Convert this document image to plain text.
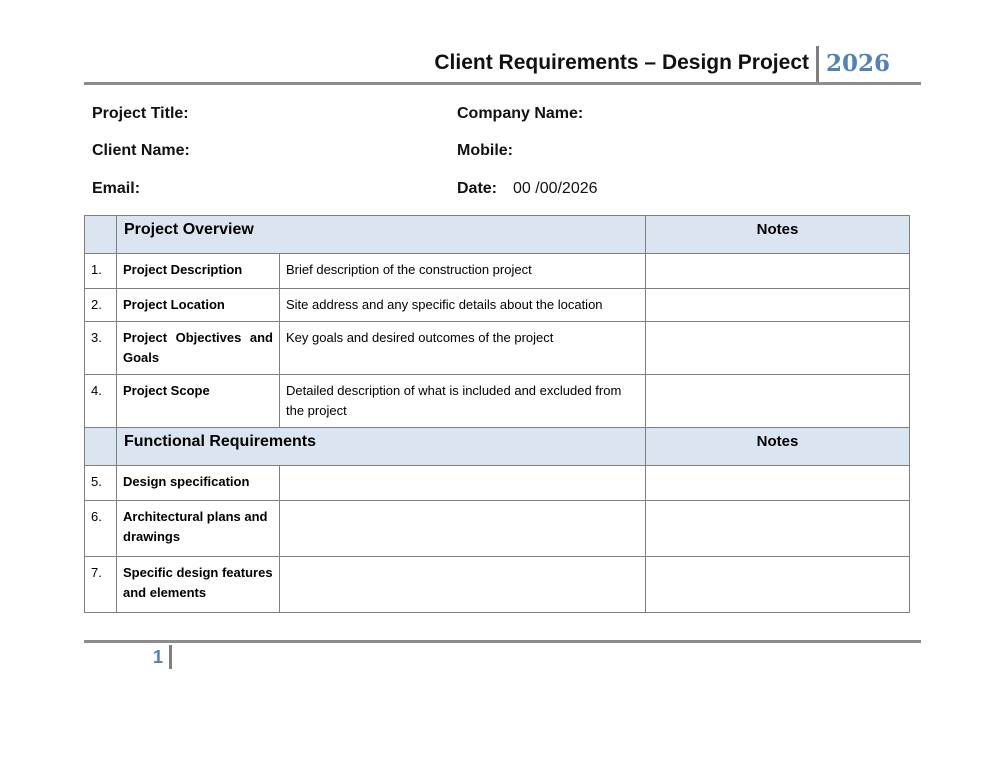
Client Requirements – Design Project 2026
Project Title:	Company Name:
Client Name:	Mobile:
Email:	Date: 00 /00/2026
	Project Overview		Notes
1.	Project Description	Brief description of the construction project	
2.	Project Location	Site address and any specific details about the location	
3.	Project Objectives and Goals	Key goals and desired outcomes of the project	
4.	Project Scope	Detailed description of what is included and excluded from the project	
	Functional Requirements		Notes
5.	Design specification		
6.	Architectural plans and drawings		
7.	Specific design features and elements		
1
